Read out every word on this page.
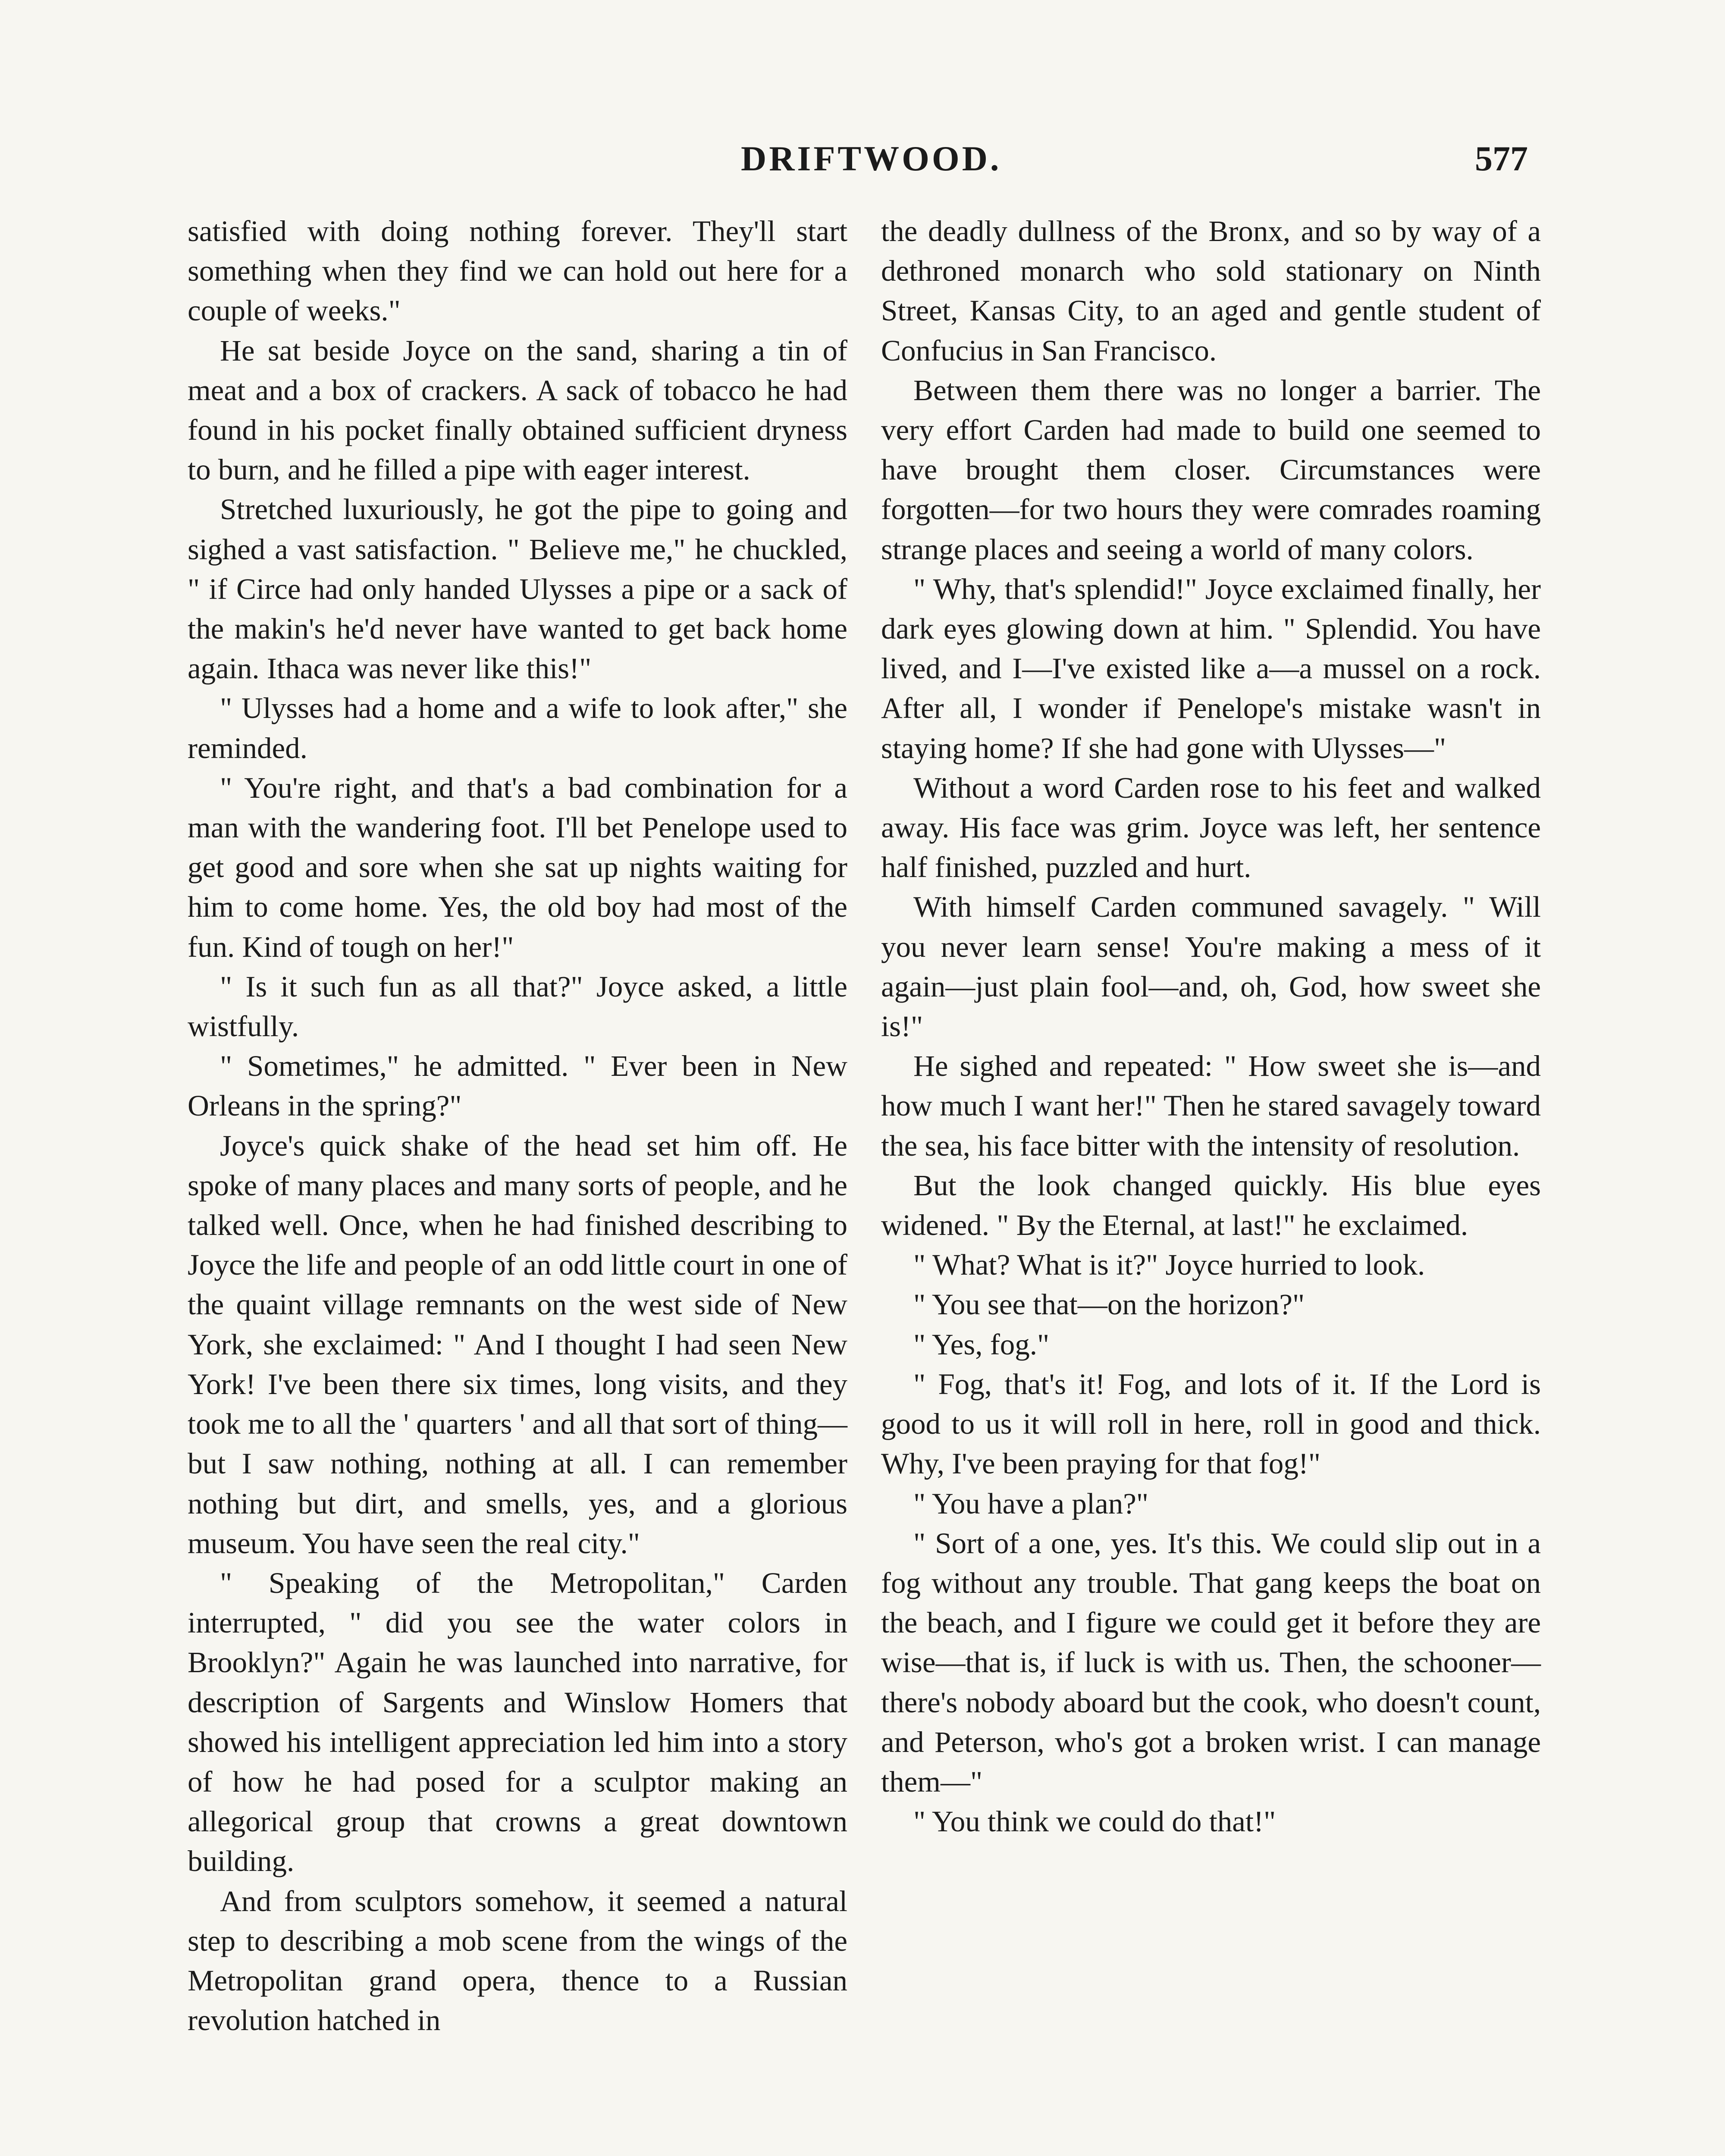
DRIFTWOOD.	577

satisfied with doing nothing forever. They'll start something when they find we can hold out here for a couple of weeks."

He sat beside Joyce on the sand, sharing a tin of meat and a box of crackers. A sack of tobacco he had found in his pocket finally obtained sufficient dryness to burn, and he filled a pipe with eager interest.

Stretched luxuriously, he got the pipe to going and sighed a vast satisfaction. " Believe me," he chuckled, " if Circe had only handed Ulysses a pipe or a sack of the makin's he'd never have wanted to get back home again. Ithaca was never like this!"

" Ulysses had a home and a wife to look after," she reminded.

" You're right, and that's a bad combination for a man with the wandering foot. I'll bet Penelope used to get good and sore when she sat up nights waiting for him to come home. Yes, the old boy had most of the fun. Kind of tough on her!"

" Is it such fun as all that?" Joyce asked, a little wistfully.

" Sometimes," he admitted. " Ever been in New Orleans in the spring?"

Joyce's quick shake of the head set him off. He spoke of many places and many sorts of people, and he talked well. Once, when he had finished describing to Joyce the life and people of an odd little court in one of the quaint village remnants on the west side of New York, she exclaimed: " And I thought I had seen New York! I've been there six times, long visits, and they took me to all the ' quarters ' and all that sort of thing—but I saw nothing, nothing at all. I can remember nothing but dirt, and smells, yes, and a glorious museum. You have seen the real city."

" Speaking of the Metropolitan," Carden interrupted, " did you see the water colors in Brooklyn?" Again he was launched into narrative, for description of Sargents and Winslow Homers that showed his intelligent appreciation led him into a story of how he had posed for a sculptor making an allegorical group that crowns a great downtown building.

And from sculptors somehow, it seemed a natural step to describing a mob scene from the wings of the Metropolitan grand opera, thence to a Russian revolution hatched in

the deadly dullness of the Bronx, and so by way of a dethroned monarch who sold stationary on Ninth Street, Kansas City, to an aged and gentle student of Confucius in San Francisco.

Between them there was no longer a barrier. The very effort Carden had made to build one seemed to have brought them closer. Circumstances were forgotten—for two hours they were comrades roaming strange places and seeing a world of many colors.

" Why, that's splendid!" Joyce exclaimed finally, her dark eyes glowing down at him. " Splendid. You have lived, and I—I've existed like a—a mussel on a rock. After all, I wonder if Penelope's mistake wasn't in staying home? If she had gone with Ulysses—"

Without a word Carden rose to his feet and walked away. His face was grim. Joyce was left, her sentence half finished, puzzled and hurt.

With himself Carden communed savagely. " Will you never learn sense! You're making a mess of it again—just plain fool—and, oh, God, how sweet she is!"

He sighed and repeated: " How sweet she is—and how much I want her!" Then he stared savagely toward the sea, his face bitter with the intensity of resolution.

But the look changed quickly. His blue eyes widened. " By the Eternal, at last!" he exclaimed.

" What? What is it?" Joyce hurried to look.

" You see that—on the horizon?"

" Yes, fog."

" Fog, that's it! Fog, and lots of it. If the Lord is good to us it will roll in here, roll in good and thick. Why, I've been praying for that fog!"

" You have a plan?"

" Sort of a one, yes. It's this. We could slip out in a fog without any trouble. That gang keeps the boat on the beach, and I figure we could get it before they are wise—that is, if luck is with us. Then, the schooner—there's nobody aboard but the cook, who doesn't count, and Peterson, who's got a broken wrist. I can manage them—"

" You think we could do that!"
